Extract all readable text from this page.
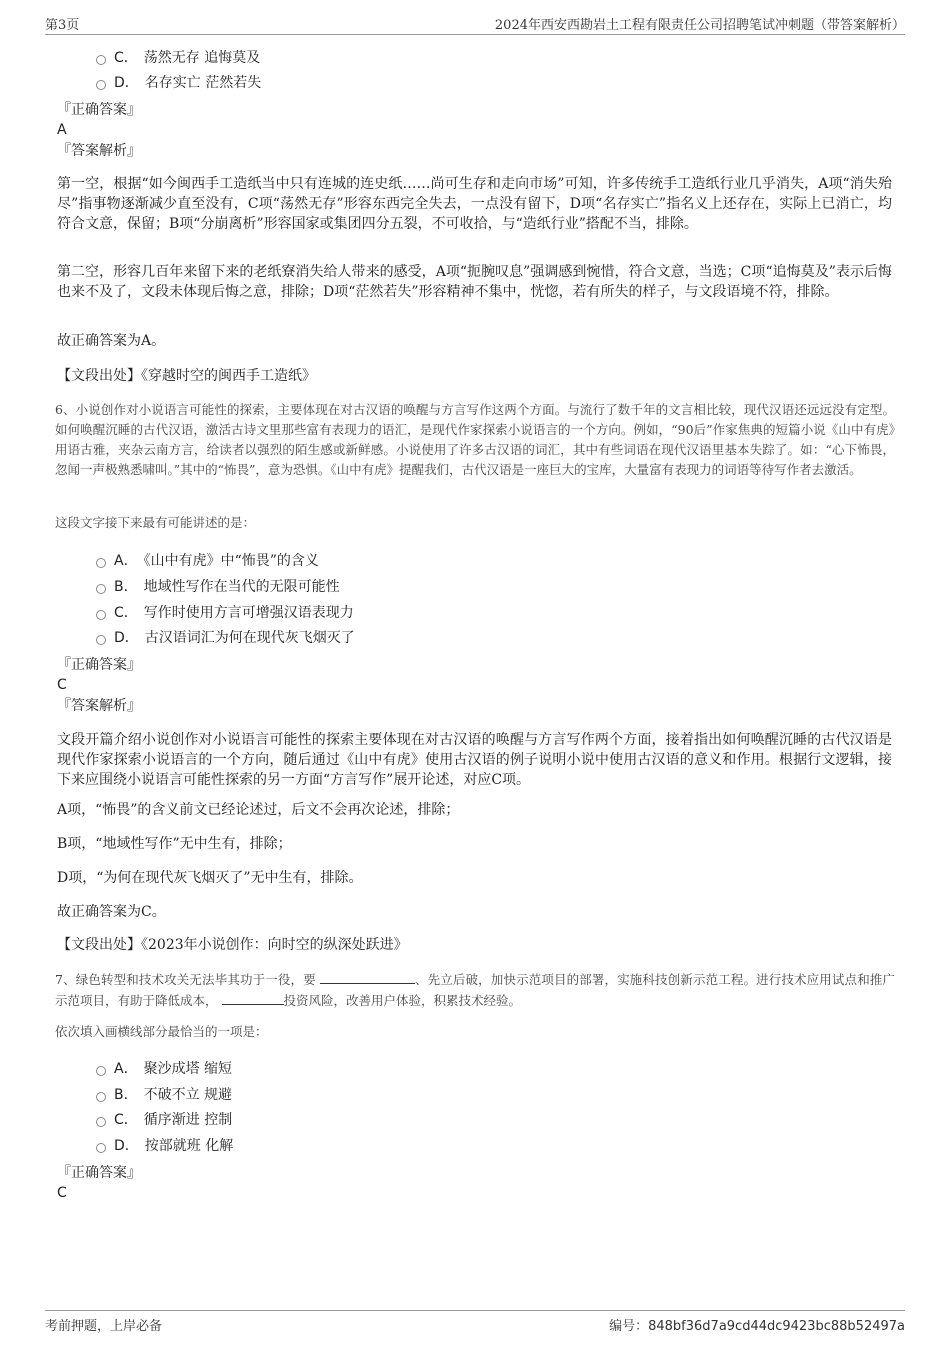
第3页	2024年西安西勘岩土工程有限责任公司招聘笔试冲刺题（带答案解析）
C． 荡然无存 追悔莫及
D． 名存实亡 茫然若失
『正确答案』
A
『答案解析』
第一空，根据“如今闽西手工造纸当中只有连城的连史纸……尚可生存和走向市场”可知，许多传统手工造纸行业几乎消失，A项“消失殆尽”指事物逐渐减少直至没有，C项“荡然无存”形容东西完全失去，一点没有留下，D项“名存实亡”指名义上还存在，实际上已消亡，均符合文意，保留；B项“分崩离析”形容国家或集团四分五裂，不可收拾，与“造纸行业”搭配不当，排除。
第二空，形容几百年来留下来的老纸寮消失给人带来的感受，A项“扼腕叹息”强调感到惋惜，符合文意，当选；C项“追悔莫及”表示后悔也来不及了，文段未体现后悔之意，排除；D项“茫然若失”形容精神不集中，恍惚，若有所失的样子，与文段语境不符，排除。
故正确答案为A。
【文段出处】《穿越时空的闽西手工造纸》
6、小说创作对小说语言可能性的探索，主要体现在对古汉语的唤醒与方言写作这两个方面。与流行了数千年的文言相比较，现代汉语还远远没有定型。如何唤醒沉睡的古代汉语，激活古诗文里那些富有表现力的语汇，是现代作家探索小说语言的一个方向。例如，“90后”作家焦典的短篇小说《山中有虎》用语古雅，夹杂云南方言，给读者以强烈的陌生感或新鲜感。小说使用了许多古汉语的词汇，其中有些词语在现代汉语里基本失踪了。如：“心下怖畏，忽闻一声极熟悉啸叫。”其中的“怖畏”，意为恐惧。《山中有虎》提醒我们，古代汉语是一座巨大的宝库，大量富有表现力的词语等待写作者去激活。
这段文字接下来最有可能讲述的是：
A． 《山中有虎》中“怖畏”的含义
B． 地域性写作在当代的无限可能性
C． 写作时使用方言可增强汉语表现力
D． 古汉语词汇为何在现代灰飞烟灭了
『正确答案』
C
『答案解析』
文段开篇介绍小说创作对小说语言可能性的探索主要体现在对古汉语的唤醒与方言写作两个方面，接着指出如何唤醒沉睡的古代汉语是现代作家探索小说语言的一个方向，随后通过《山中有虎》使用古汉语的例子说明小说中使用古汉语的意义和作用。根据行文逻辑，接下来应围绕小说语言可能性探索的另一方面“方言写作”展开论述，对应C项。
A项，“怖畏”的含义前文已经论述过，后文不会再次论述，排除；
B项，“地域性写作”无中生有，排除；
D项，“为何在现代灰飞烟灭了”无中生有，排除。
故正确答案为C。
【文段出处】《2023年小说创作：向时空的纵深处跃进》
7、绿色转型和技术攻关无法毕其功于一役，要	、先立后破，加快示范项目的部署，实施科技创新示范工程。进行技术应用试点和推广示范项目，有助于降低成本，	投资风险，改善用户体验，积累技术经验。
依次填入画横线部分最恰当的一项是：
A． 聚沙成塔 缩短
B． 不破不立 规避
C． 循序渐进 控制
D． 按部就班 化解
『正确答案』
C
考前押题，上岸必备	编号：848bf36d7a9cd44dc9423bc88b52497a
